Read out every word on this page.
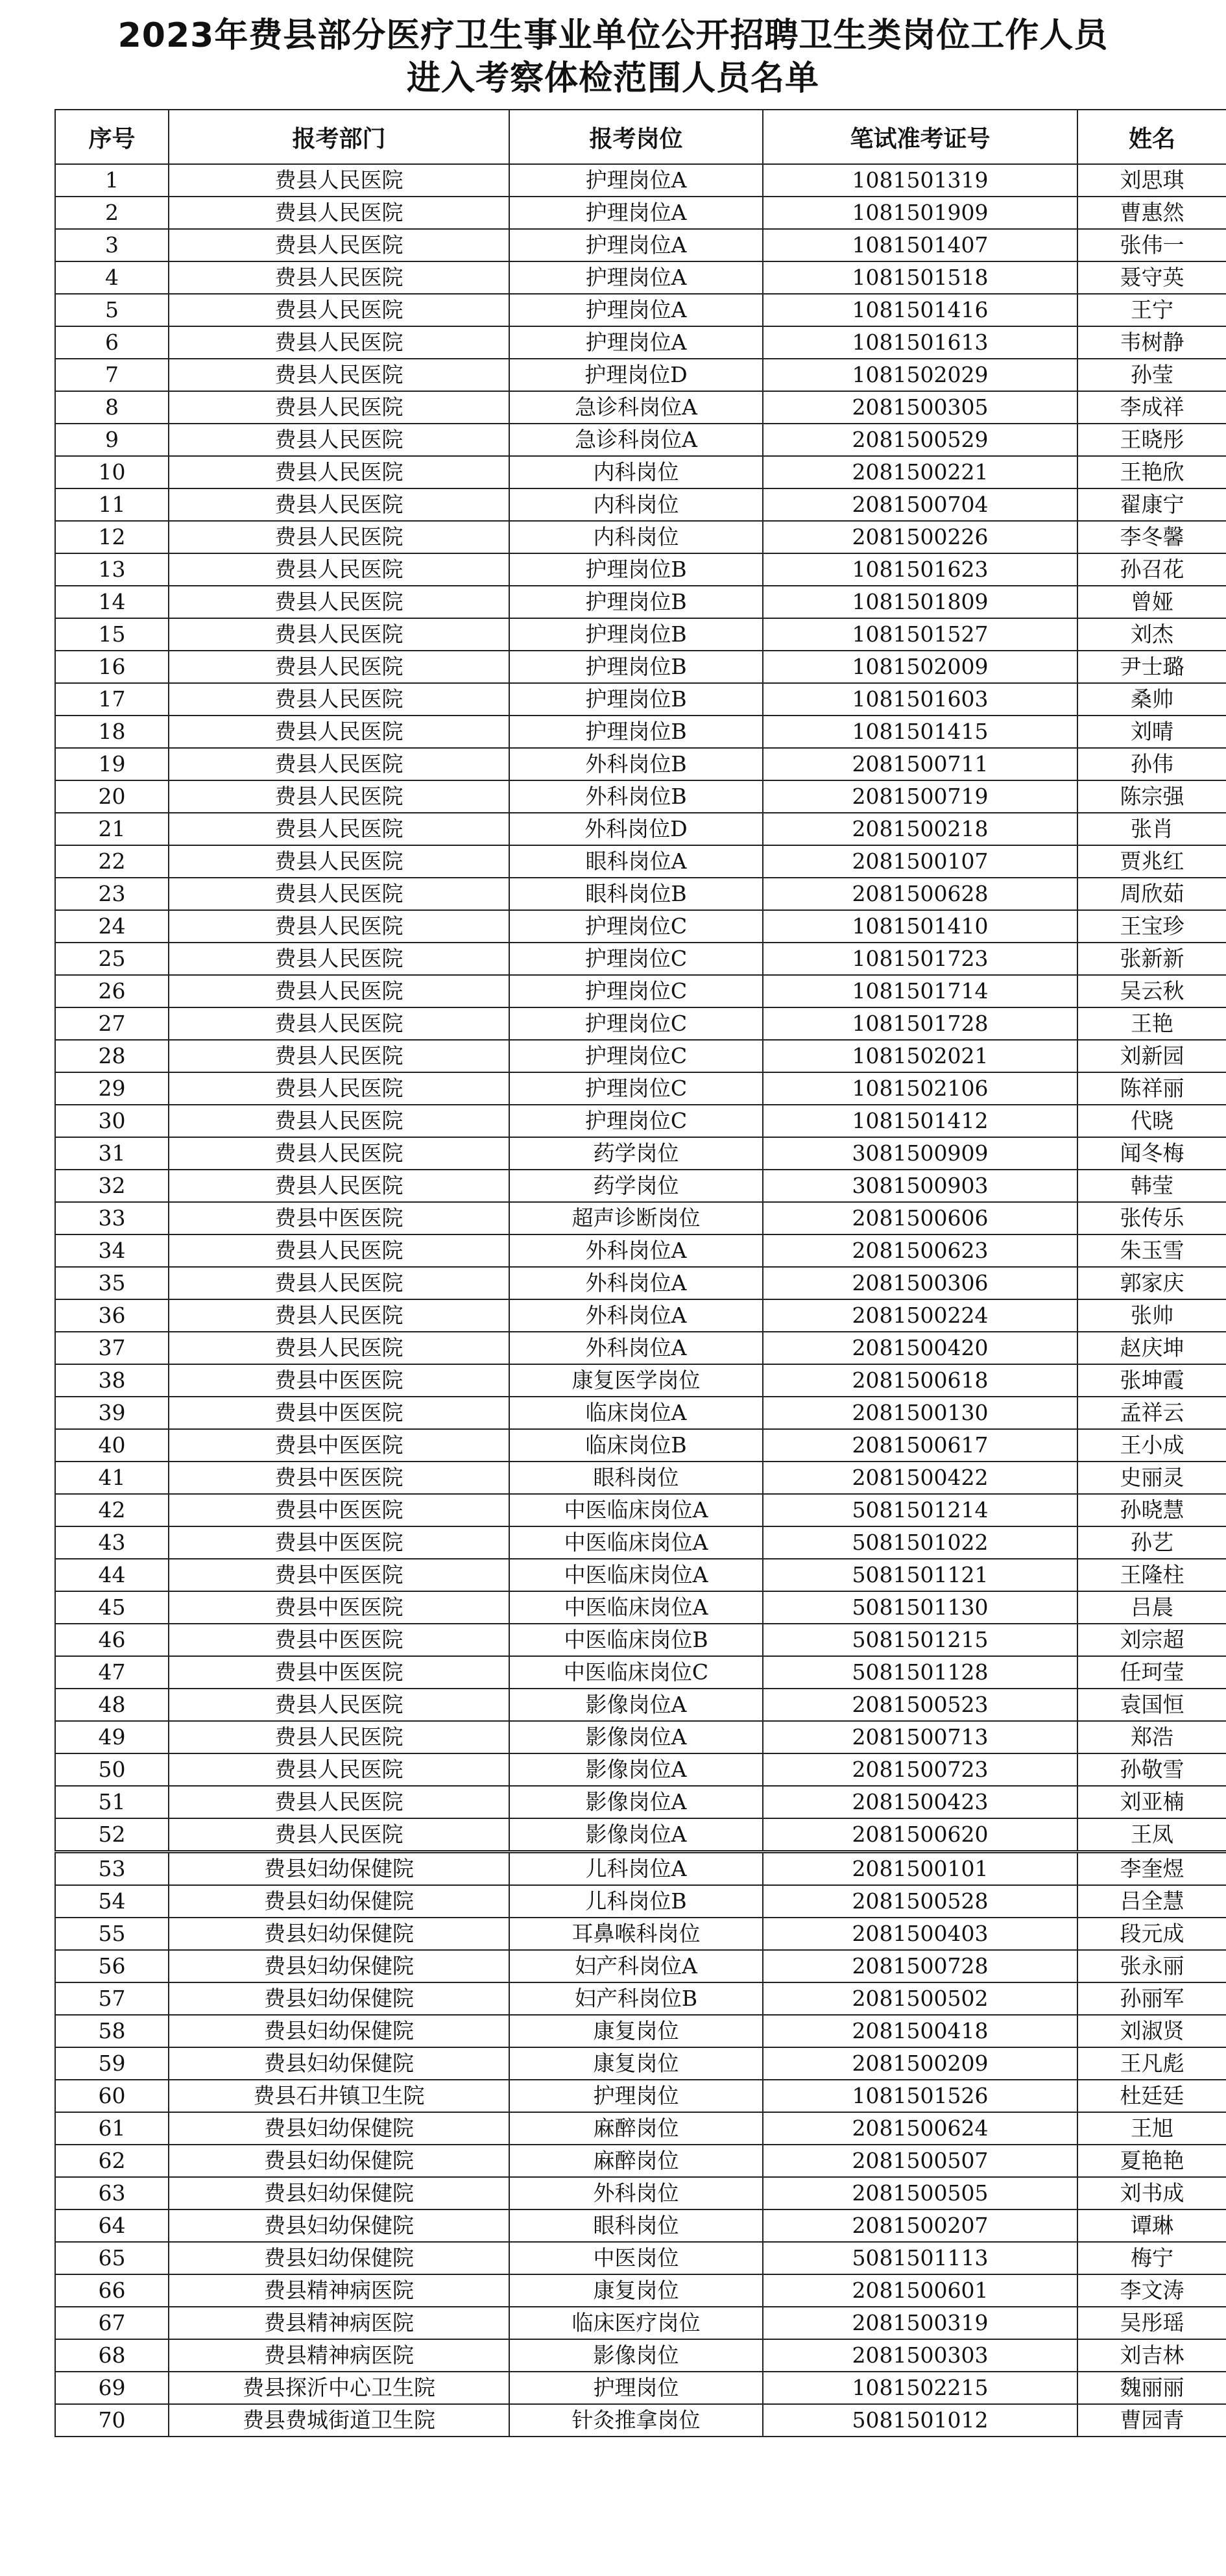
2023年费县部分医疗卫生事业单位公开招聘卫生类岗位工作人员
进入考察体检范围人员名单
序号	报考部门	报考岗位	笔试准考证号	姓名
1	费县人民医院	护理岗位A	1081501319	刘思琪
2	费县人民医院	护理岗位A	1081501909	曹惠然
3	费县人民医院	护理岗位A	1081501407	张伟一
4	费县人民医院	护理岗位A	1081501518	聂守英
5	费县人民医院	护理岗位A	1081501416	王宁
6	费县人民医院	护理岗位A	1081501613	韦树静
7	费县人民医院	护理岗位D	1081502029	孙莹
8	费县人民医院	急诊科岗位A	2081500305	李成祥
9	费县人民医院	急诊科岗位A	2081500529	王晓彤
10	费县人民医院	内科岗位	2081500221	王艳欣
11	费县人民医院	内科岗位	2081500704	翟康宁
12	费县人民医院	内科岗位	2081500226	李冬馨
13	费县人民医院	护理岗位B	1081501623	孙召花
14	费县人民医院	护理岗位B	1081501809	曾娅
15	费县人民医院	护理岗位B	1081501527	刘杰
16	费县人民医院	护理岗位B	1081502009	尹士璐
17	费县人民医院	护理岗位B	1081501603	桑帅
18	费县人民医院	护理岗位B	1081501415	刘晴
19	费县人民医院	外科岗位B	2081500711	孙伟
20	费县人民医院	外科岗位B	2081500719	陈宗强
21	费县人民医院	外科岗位D	2081500218	张肖
22	费县人民医院	眼科岗位A	2081500107	贾兆红
23	费县人民医院	眼科岗位B	2081500628	周欣茹
24	费县人民医院	护理岗位C	1081501410	王宝珍
25	费县人民医院	护理岗位C	1081501723	张新新
26	费县人民医院	护理岗位C	1081501714	吴云秋
27	费县人民医院	护理岗位C	1081501728	王艳
28	费县人民医院	护理岗位C	1081502021	刘新园
29	费县人民医院	护理岗位C	1081502106	陈祥丽
30	费县人民医院	护理岗位C	1081501412	代晓
31	费县人民医院	药学岗位	3081500909	闻冬梅
32	费县人民医院	药学岗位	3081500903	韩莹
33	费县中医医院	超声诊断岗位	2081500606	张传乐
34	费县人民医院	外科岗位A	2081500623	朱玉雪
35	费县人民医院	外科岗位A	2081500306	郭家庆
36	费县人民医院	外科岗位A	2081500224	张帅
37	费县人民医院	外科岗位A	2081500420	赵庆坤
38	费县中医医院	康复医学岗位	2081500618	张坤霞
39	费县中医医院	临床岗位A	2081500130	孟祥云
40	费县中医医院	临床岗位B	2081500617	王小成
41	费县中医医院	眼科岗位	2081500422	史丽灵
42	费县中医医院	中医临床岗位A	5081501214	孙晓慧
43	费县中医医院	中医临床岗位A	5081501022	孙艺
44	费县中医医院	中医临床岗位A	5081501121	王隆柱
45	费县中医医院	中医临床岗位A	5081501130	吕晨
46	费县中医医院	中医临床岗位B	5081501215	刘宗超
47	费县中医医院	中医临床岗位C	5081501128	任珂莹
48	费县人民医院	影像岗位A	2081500523	袁国恒
49	费县人民医院	影像岗位A	2081500713	郑浩
50	费县人民医院	影像岗位A	2081500723	孙敬雪
51	费县人民医院	影像岗位A	2081500423	刘亚楠
52	费县人民医院	影像岗位A	2081500620	王凤
53	费县妇幼保健院	儿科岗位A	2081500101	李奎煜
54	费县妇幼保健院	儿科岗位B	2081500528	吕全慧
55	费县妇幼保健院	耳鼻喉科岗位	2081500403	段元成
56	费县妇幼保健院	妇产科岗位A	2081500728	张永丽
57	费县妇幼保健院	妇产科岗位B	2081500502	孙丽军
58	费县妇幼保健院	康复岗位	2081500418	刘淑贤
59	费县妇幼保健院	康复岗位	2081500209	王凡彪
60	费县石井镇卫生院	护理岗位	1081501526	杜廷廷
61	费县妇幼保健院	麻醉岗位	2081500624	王旭
62	费县妇幼保健院	麻醉岗位	2081500507	夏艳艳
63	费县妇幼保健院	外科岗位	2081500505	刘书成
64	费县妇幼保健院	眼科岗位	2081500207	谭琳
65	费县妇幼保健院	中医岗位	5081501113	梅宁
66	费县精神病医院	康复岗位	2081500601	李文涛
67	费县精神病医院	临床医疗岗位	2081500319	吴彤瑶
68	费县精神病医院	影像岗位	2081500303	刘吉林
69	费县探沂中心卫生院	护理岗位	1081502215	魏丽丽
70	费县费城街道卫生院	针灸推拿岗位	5081501012	曹园青
